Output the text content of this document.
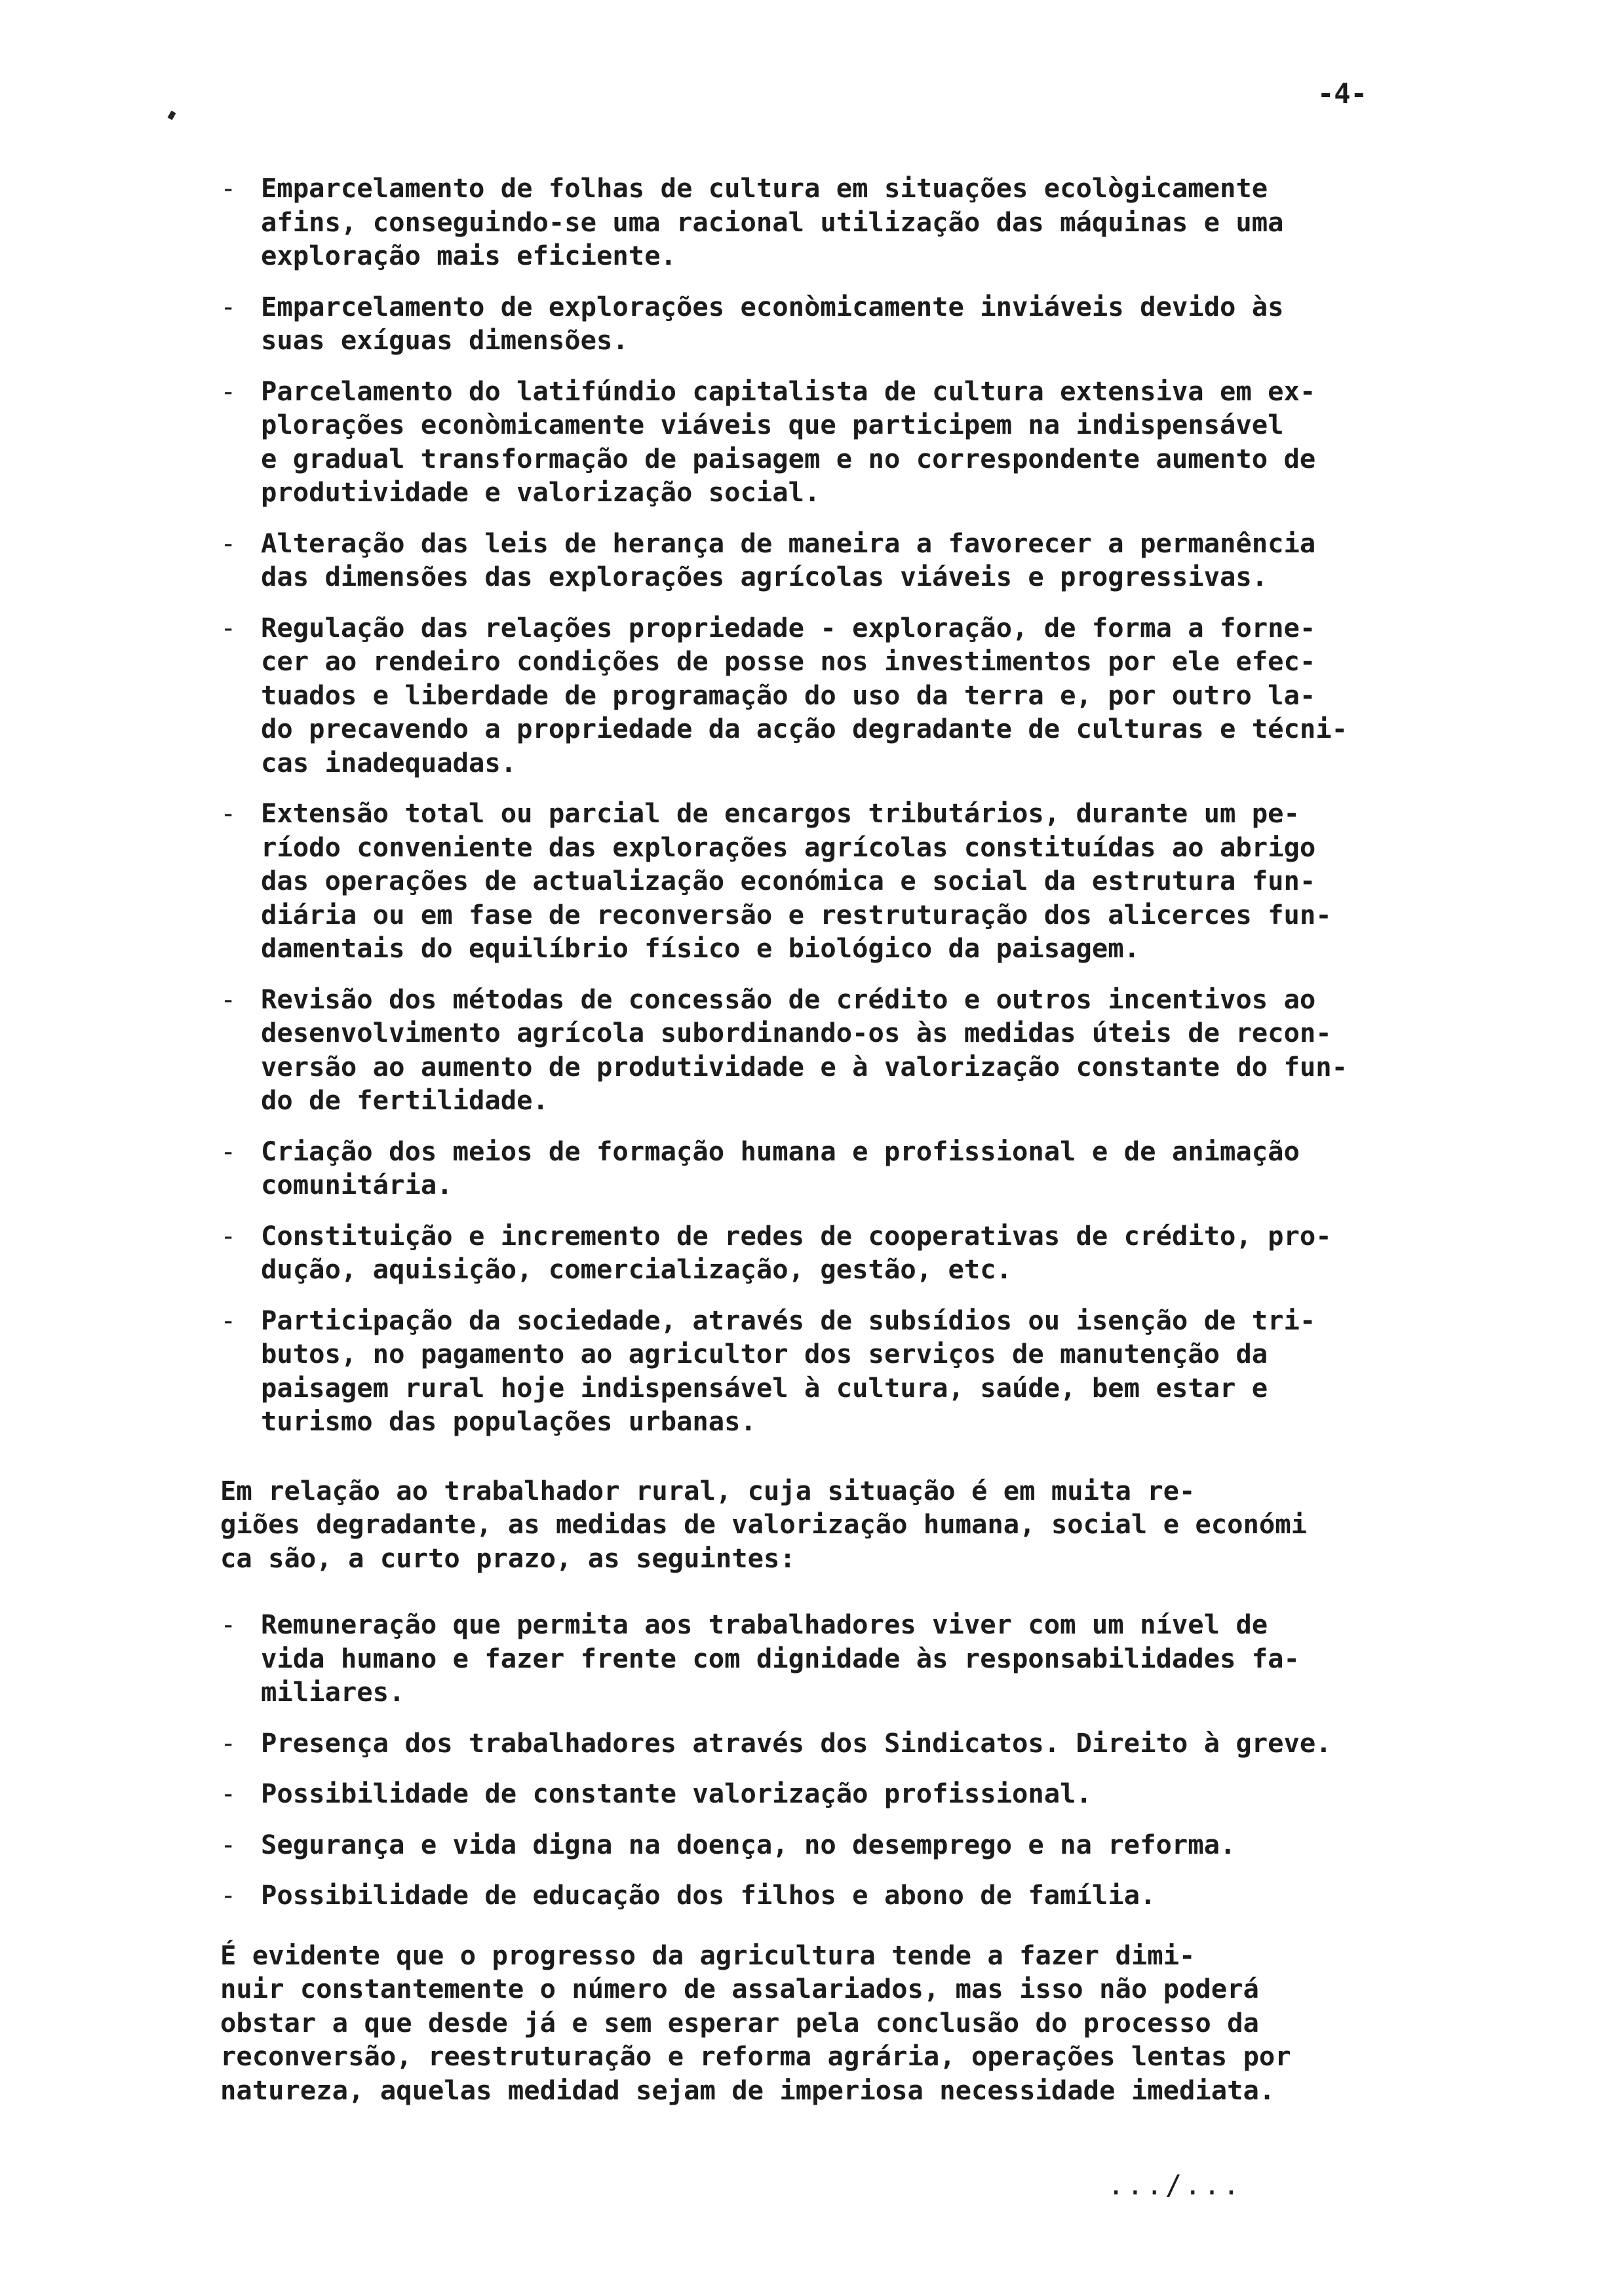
-4-
- Emparcelamento de folhas de cultura em situações ecològicamente
afins, conseguindo-se uma racional utilização das máquinas e uma
exploração mais eficiente.
- Emparcelamento de explorações econòmicamente inviáveis devido às
suas exíguas dimensões.
- Parcelamento do latifúndio capitalista de cultura extensiva em ex-
plorações econòmicamente viáveis que participem na indispensável
e gradual transformação de paisagem e no correspondente aumento de
produtividade e valorização social.
- Alteração das leis de herança de maneira a favorecer a permanência
das dimensões das explorações agrícolas viáveis e progressivas.
- Regulação das relações propriedade - exploração, de forma a forne-
cer ao rendeiro condições de posse nos investimentos por ele efec-
tuados e liberdade de programação do uso da terra e, por outro la-
do precavendo a propriedade da acção degradante de culturas e técni-
cas inadequadas.
- Extensão total ou parcial de encargos tributários, durante um pe-
ríodo conveniente das explorações agrícolas constituídas ao abrigo
das operações de actualização económica e social da estrutura fun-
diária ou em fase de reconversão e restruturação dos alicerces fun-
damentais do equilíbrio físico e biológico da paisagem.
- Revisão dos métodas de concessão de crédito e outros incentivos ao
desenvolvimento agrícola subordinando-os às medidas úteis de recon-
versão ao aumento de produtividade e à valorização constante do fun-
do de fertilidade.
- Criação dos meios de formação humana e profissional e de animação
comunitária.
- Constituição e incremento de redes de cooperativas de crédito, pro-
dução, aquisição, comercialização, gestão, etc.
- Participação da sociedade, através de subsídios ou isenção de tri-
butos, no pagamento ao agricultor dos serviços de manutenção da
paisagem rural hoje indispensável à cultura, saúde, bem estar e
turismo das populações urbanas.

Em relação ao trabalhador rural, cuja situação é em muita re-
giões degradante, as medidas de valorização humana, social e económi
ca são, a curto prazo, as seguintes:

- Remuneração que permita aos trabalhadores viver com um nível de
vida humano e fazer frente com dignidade às responsabilidades fa-
miliares.
- Presença dos trabalhadores através dos Sindicatos. Direito à greve.
- Possibilidade de constante valorização profissional.
- Segurança e vida digna na doença, no desemprego e na reforma.
- Possibilidade de educação dos filhos e abono de família.

É evidente que o progresso da agricultura tende a fazer dimi-
nuir constantemente o número de assalariados, mas isso não poderá
obstar a que desde já e sem esperar pela conclusão do processo da
reconversão, reestruturação e reforma agrária, operações lentas por
natureza, aquelas medidad sejam de imperiosa necessidade imediata.

.../...
